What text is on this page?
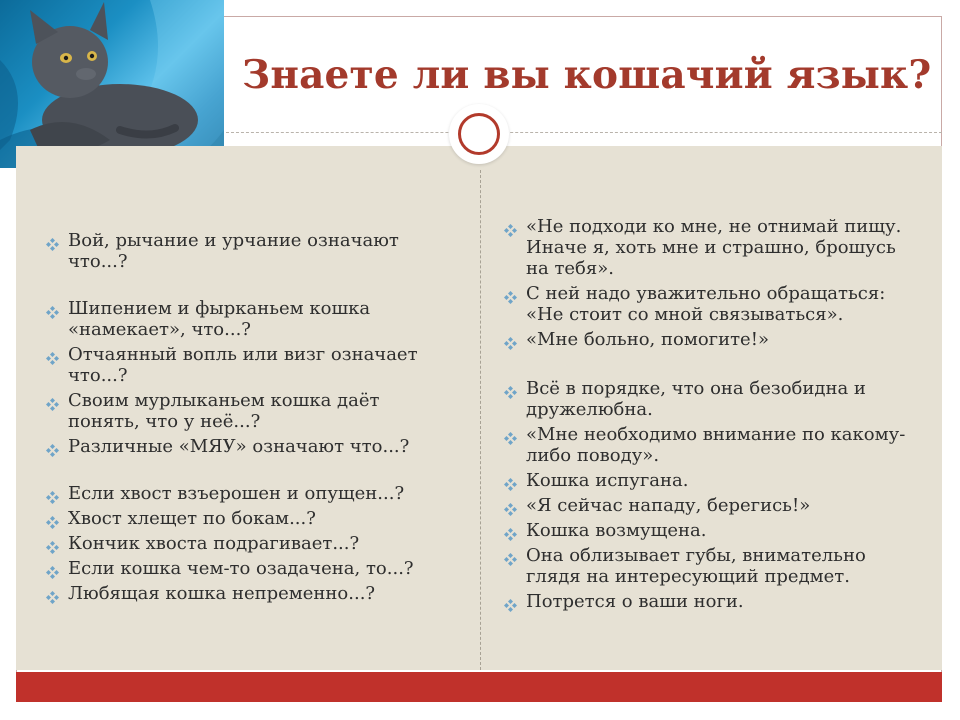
Знаете ли вы кошачий язык?
Вой, рычание и урчание означают что...?
Шипением и фырканьем кошка «намекает», что...?
Отчаянный вопль или визг означает что...?
Своим мурлыканьем кошка даёт понять, что у неё...?
Различные «МЯУ» означают что...?
Если хвост взъерошен и опущен...?
Хвост хлещет по бокам...?
Кончик хвоста подрагивает...?
Если кошка чем-то озадачена, то...?
Любящая кошка непременно...?
«Не подходи ко мне, не отнимай пищу. Иначе я, хоть мне и страшно, брошусь на тебя».
С ней надо уважительно обращаться: «Не стоит со мной связываться».
«Мне больно, помогите!»
Всё в порядке, что она безобидна и дружелюбна.
«Мне необходимо внимание по какому-либо поводу».
Кошка испугана.
«Я сейчас нападу, берегись!»
Кошка возмущена.
Она облизывает губы, внимательно глядя на интересующий предмет.
Потрется о ваши ноги.
